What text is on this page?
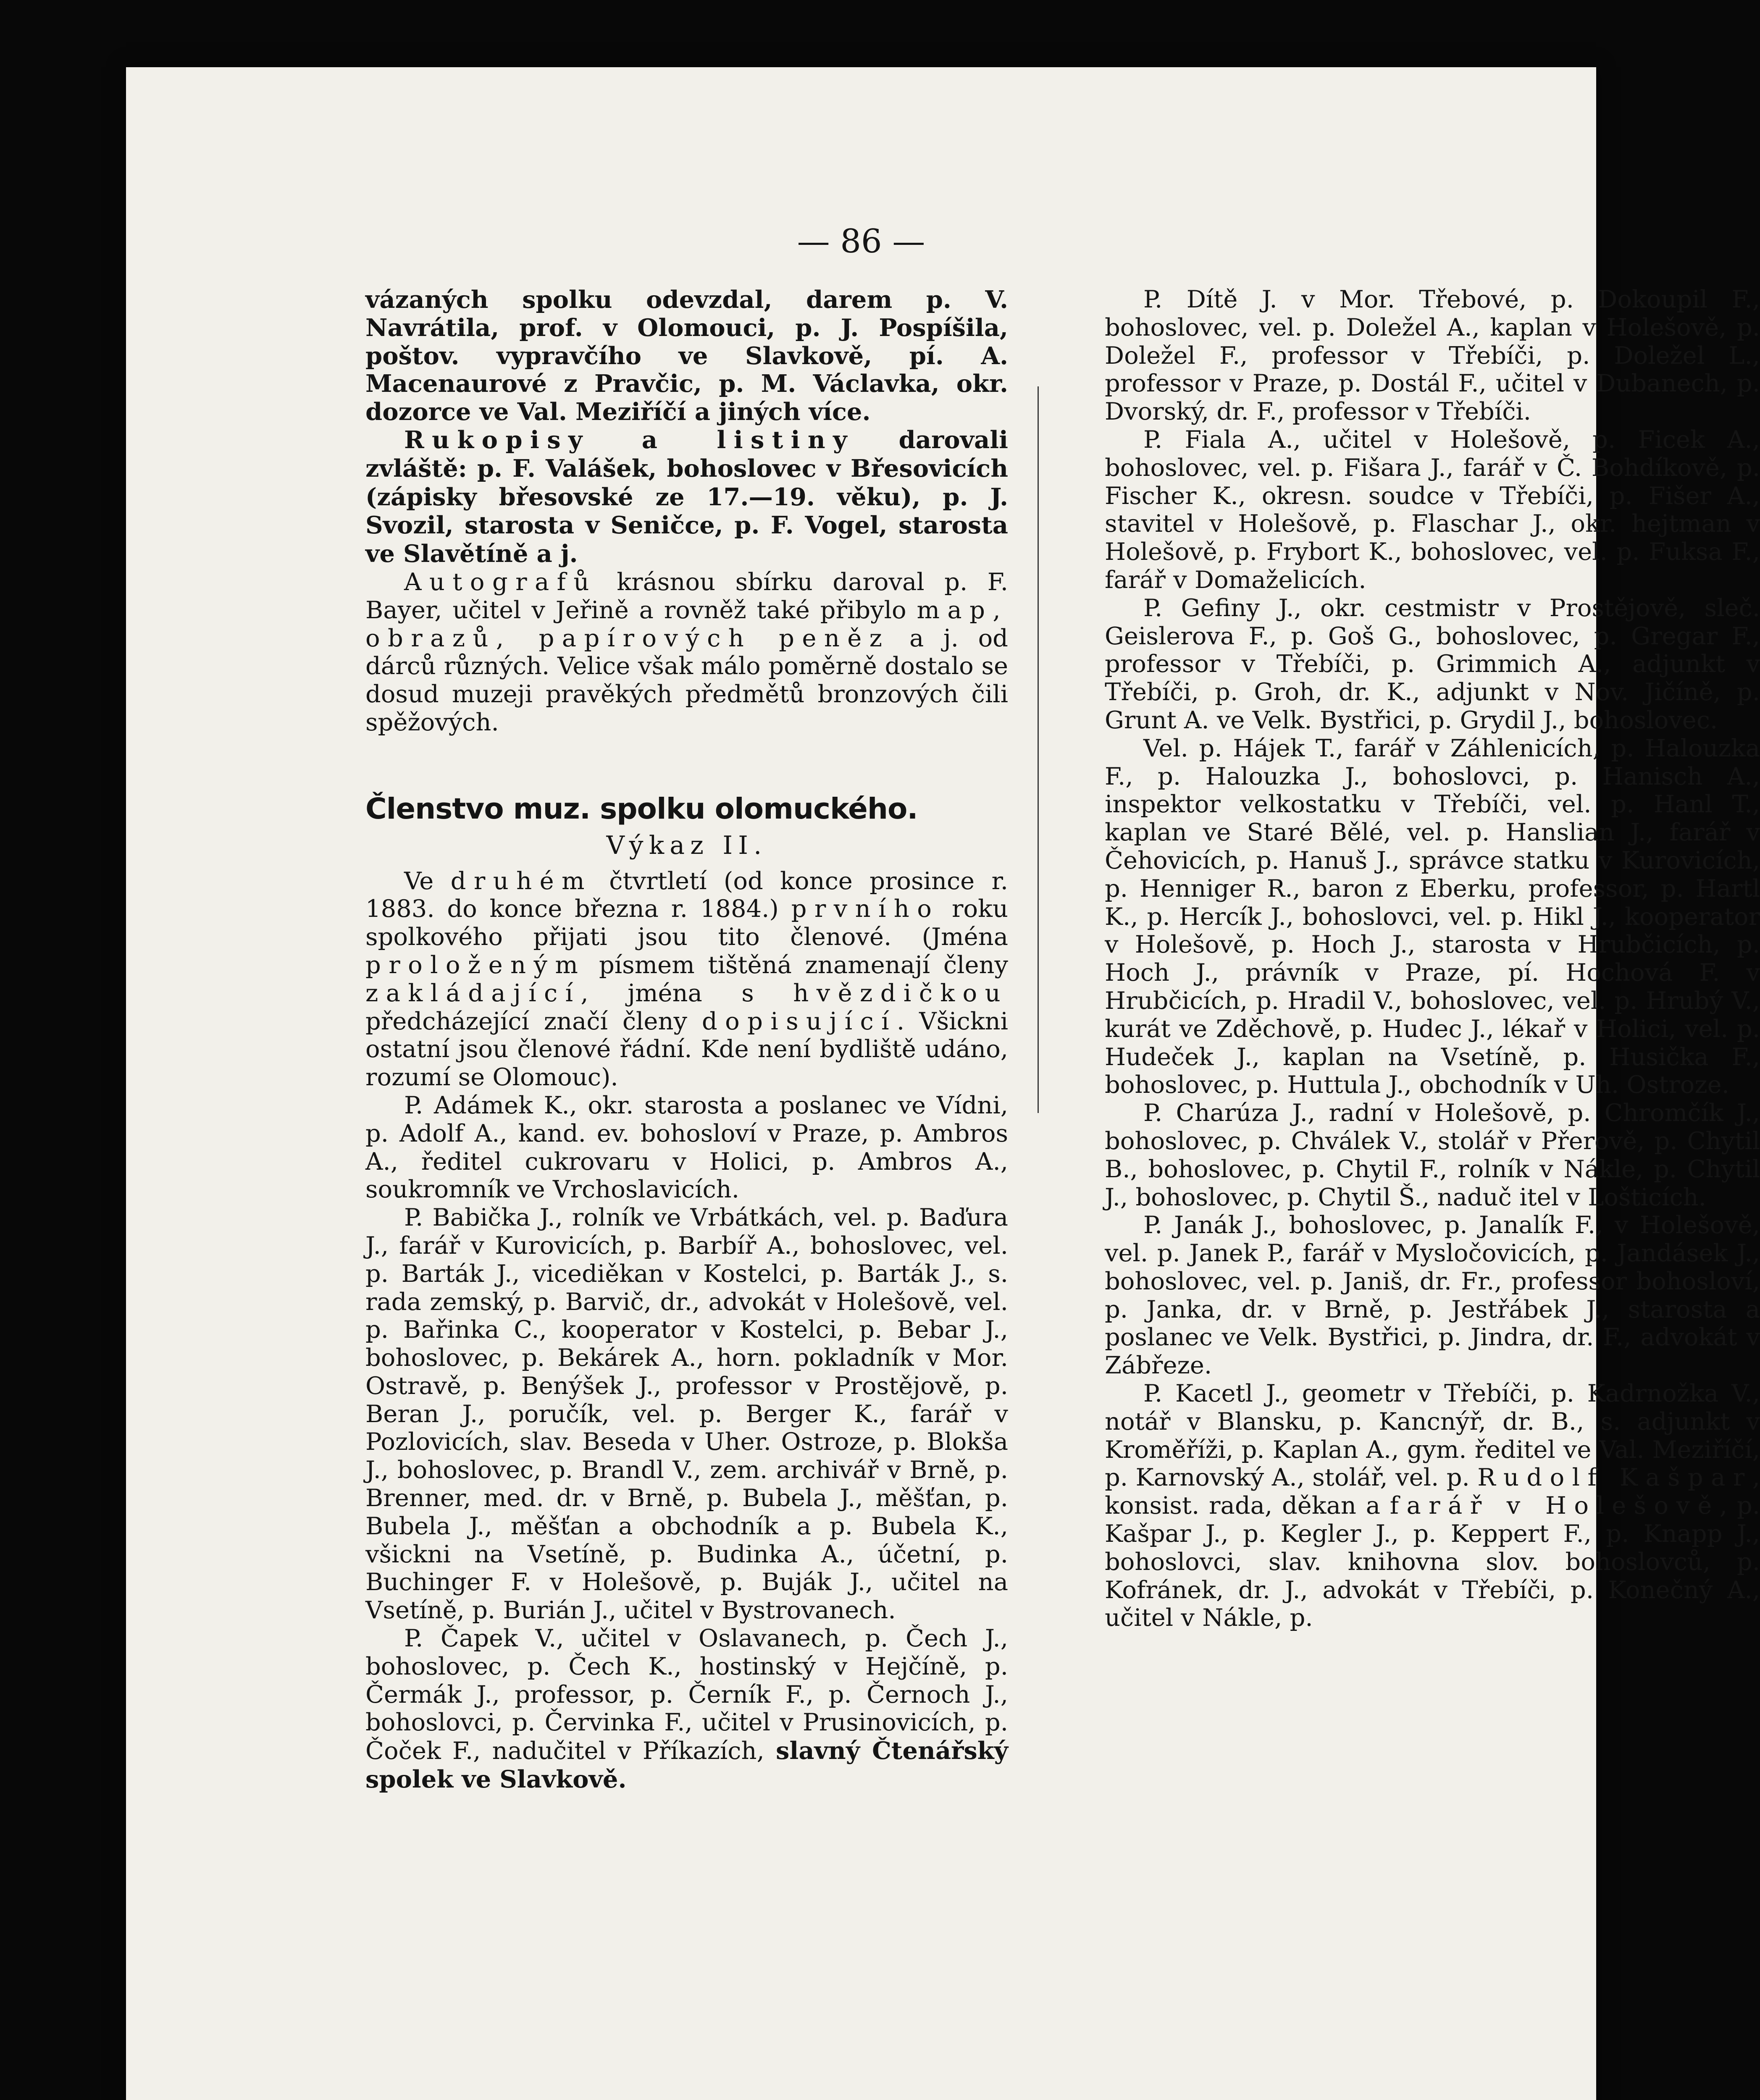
— 86 —

vázaných spolku odevzdal, darem p. V. Navrátila, prof. v Olomouci, p. J. Pospíšila, poštov. vypravčího ve Slavkově, pí. A. Macenaurové z Pravčic, p. M. Václavka, okr. dozorce ve Val. Meziříčí a jiných více.

Rukopisy a listiny darovali zvláště: p. F. Valášek, bohoslovec v Břesovicích (zápisky břesovské ze 17.—19. věku), p. J. Svozil, starosta v Seničce, p. F. Vogel, starosta ve Slavětíně a j.

Autografů krásnou sbírku daroval p. F. Bayer, učitel v Jeřině a rovněž také přibylo map, obrazů, papírových peněz a j. od dárců různých. Velice však málo poměrně dostalo se dosud muzeji pravěkých předmětů bronzových čili spěžových.

Členstvo muz. spolku olomuckého.

Výkaz II.

Ve druhém čtvrtletí (od konce prosince r. 1883. do konce března r. 1884.) prvního roku spolkového přijati jsou tito členové. (Jména proloženým písmem tištěná znamenají členy zakládající, jména s hvězdičkou předcházející značí členy dopisující. Všickni ostatní jsou členové řádní. Kde není bydliště udáno, rozumí se Olomouc).

P. Adámek K., okr. starosta a poslanec ve Vídni, p. Adolf A., kand. ev. bohosloví v Praze, p. Ambros A., ředitel cukrovaru v Holici, p. Ambros A., soukromník ve Vrchoslavicích.

P. Babička J., rolník ve Vrbátkách, vel. p. Baďura J., farář v Kurovicích, p. Barbíř A., bohoslovec, vel. p. Barták J., vicediěkan v Kostelci, p. Barták J., s. rada zemský, p. Barvič, dr., advokát v Holešově, vel. p. Bařinka C., kooperator v Kostelci, p. Bebar J., bohoslovec, p. Bekárek A., horn. pokladník v Mor. Ostravě, p. Benýšek J., professor v Prostějově, p. Beran J., poručík, vel. p. Berger K., farář v Pozlovicích, slav. Beseda v Uher. Ostroze, p. Blokša J., bohoslovec, p. Brandl V., zem. archivář v Brně, p. Brenner, med. dr. v Brně, p. Bubela J., měšťan, p. Bubela J., měšťan a obchodník a p. Bubela K., všickni na Vsetíně, p. Budinka A., účetní, p. Buchinger F. v Holešově, p. Buják J., učitel na Vsetíně, p. Burián J., učitel v Bystrovanech.

P. Čapek V., učitel v Oslavanech, p. Čech J., bohoslovec, p. Čech K., hostinský v Hejčíně, p. Čermák J., professor, p. Černík F., p. Černoch J., bohoslovci, p. Červinka F., učitel v Prusinovicích, p. Čoček F., nadučitel v Příkazích, slavný Čtenářský spolek ve Slavkově.

P. Dítě J. v Mor. Třebové, p. Dokoupil F., bohoslovec, vel. p. Doležel A., kaplan v Holešově, p. Doležel F., professor v Třebíči, p. Doležel L., professor v Praze, p. Dostál F., učitel v Dubanech, p. Dvorský, dr. F., professor v Třebíči.

P. Fiala A., učitel v Holešově, p. Ficek A., bohoslovec, vel. p. Fišara J., farář v Č. Bohdíkově, p. Fischer K., okresn. soudce v Třebíči, p. Fišer A., stavitel v Holešově, p. Flaschar J., okr. hejtman v Holešově, p. Frybort K., bohoslovec, vel. p. Fuksa F., farář v Domaželicích.

P. Gefiny J., okr. cestmistr v Prostějově, sleč. Geislerova F., p. Goš G., bohoslovec, p. Gregar F., professor v Třebíči, p. Grimmich A., adjunkt v Třebíči, p. Groh, dr. K., adjunkt v Nov. Jičíně, p. Grunt A. ve Velk. Bystřici, p. Grydil J., bohoslovec.

Vel. p. Hájek T., farář v Záhlenicích, p. Halouzka F., p. Halouzka J., bohoslovci, p. Hanisch A., inspektor velkostatku v Třebíči, vel. p. Hanl T., kaplan ve Staré Bělé, vel. p. Hanslian J., farář v Čehovicích, p. Hanuš J., správce statku v Kurovicích, p. Henniger R., baron z Eberku, professor, p. Hartl K., p. Hercík J., bohoslovci, vel. p. Hikl J., kooperator v Holešově, p. Hoch J., starosta v Hrubčicích, p. Hoch J., právník v Praze, pí. Hochová F. v Hrubčicích, p. Hradil V., bohoslovec, vel. p. Hrubý V., kurát ve Zděchově, p. Hudec J., lékař v Holici, vel. p. Hudeček J., kaplan na Vsetíně, p. Husička F., bohoslovec, p. Huttula J., obchodník v Uh. Ostroze.

P. Charúza J., radní v Holešově, p. Chromčík J., bohoslovec, p. Chválek V., stolář v Přerově, p. Chytil B., bohoslovec, p. Chytil F., rolník v Nákle, p. Chytil J., bohoslovec, p. Chytil Š., naduč itel v Lošticích.

P. Janák J., bohoslovec, p. Janalík F., v Holešově, vel. p. Janek P., farář v Mysločovicích, p. Jandásek J., bohoslovec, vel. p. Janiš, dr. Fr., professor bohosloví, p. Janka, dr. v Brně, p. Jestřábek J., starosta a poslanec ve Velk. Bystřici, p. Jindra, dr. F., advokát v Zábřeze.

P. Kacetl J., geometr v Třebíči, p. Kadrnožka V., notář v Blansku, p. Kancnýř, dr. B., s. adjunkt v Kroměříži, p. Kaplan A., gym. ředitel ve Val. Meziříčí, p. Karnovský A., stolář, vel. p. Rudolf Kašpar, konsist. rada, děkan a farář v Holešově, p. Kašpar J., p. Kegler J., p. Keppert F., p. Knapp J., bohoslovci, slav. knihovna slov. bohoslovců, p. Kofránek, dr. J., advokát v Třebíči, p. Konečný A., učitel v Nákle, p.
